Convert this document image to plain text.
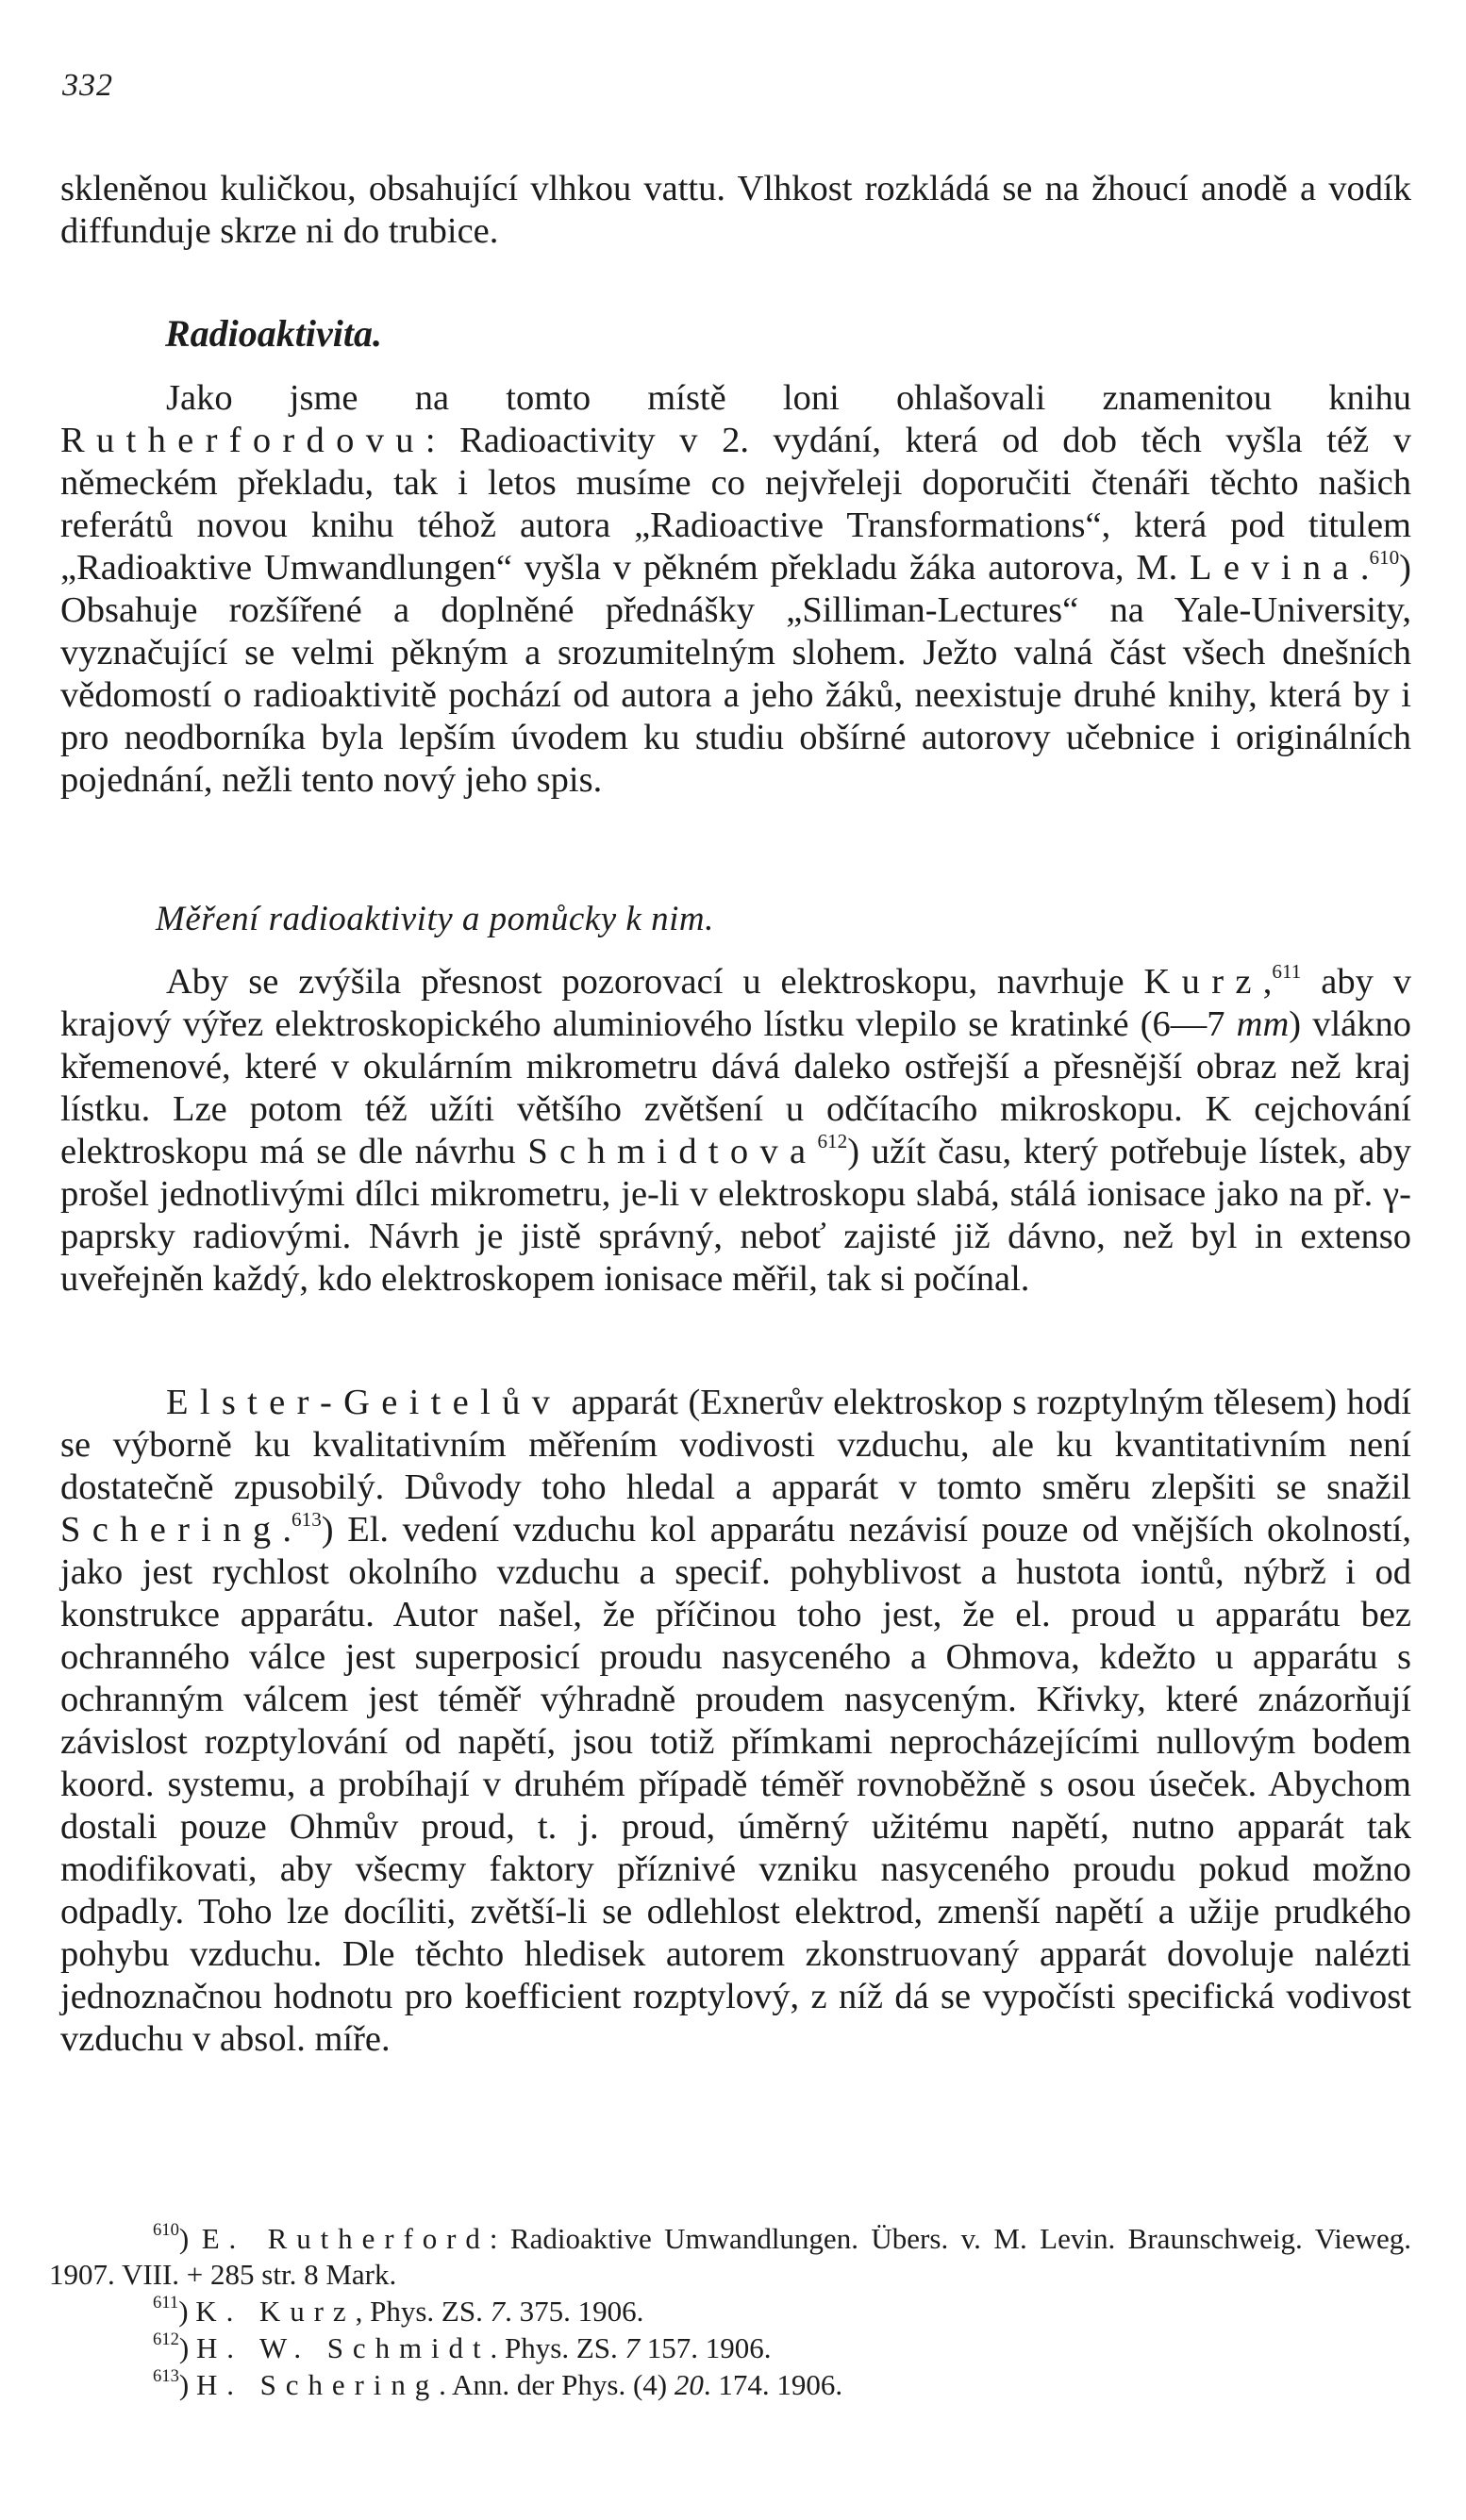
332

skleněnou kuličkou, obsahující vlhkou vattu. Vlhkost rozkládá se na žhoucí anodě a vodík diffunduje skrze ni do trubice.

Radioaktivita.

Jako jsme na tomto místě loni ohlašovali znamenitou knihu Rutherfordovu: Radioactivity v 2. vydání, která od dob těch vyšla též v německém překladu, tak i letos musíme co nejvřeleji doporučiti čtenáři těchto našich referátů novou knihu téhož autora „Radioactive Transformations“, která pod titulem „Radioaktive Umwandlungen“ vyšla v pěkném překladu žáka autorova, M. Levina.$^{610}$) Obsahuje rozšířené a doplněné přednášky „Silliman-Lectures“ na Yale-University, vyznačující se velmi pěkným a srozumitelným slohem. Ježto valná část všech dnešních vědomostí o radioaktivitě pochází od autora a jeho žáků, neexistuje druhé knihy, která by i pro neodborníka byla lepším úvodem ku studiu obšírné autorovy učebnice i originálních pojednání, nežli tento nový jeho spis.

Měření radioaktivity a pomůcky k nim.

Aby se zvýšila přesnost pozorovací u elektroskopu, navrhuje Kurz,$^{611}$ aby v krajový výřez elektroskopického aluminiového lístku vlepilo se kratinké (6—7 mm) vlákno křemenové, které v okulárním mikrometru dává daleko ostřejší a přesnější obraz než kraj lístku. Lze potom též užíti většího zvětšení u odčítacího mikroskopu. K cejchování elektroskopu má se dle návrhu Schmidtova$^{612}$) užít času, který potřebuje lístek, aby prošel jednotlivými dílci mikrometru, je-li v elektroskopu slabá, stálá ionisace jako na př. γ-paprsky radiovými. Návrh je jistě správný, neboť zajisté již dávno, než byl in extenso uveřejněn každý, kdo elektroskopem ionisace měřil, tak si počínal.

Elster-Geitelův apparát (Exnerův elektroskop s rozptylným tělesem) hodí se výborně ku kvalitativním měřením vodivosti vzduchu, ale ku kvantitativním není dostatečně zpusobilý. Důvody toho hledal a apparát v tomto směru zlepšiti se snažil Schering.$^{613}$) El. vedení vzduchu kol apparátu nezávisí pouze od vnějších okolností, jako jest rychlost okolního vzduchu a specif. pohyblivost a hustota iontů, nýbrž i od konstrukce apparátu. Autor našel, že příčinou toho jest, že el. proud u apparátu bez ochranného válce jest superposicí proudu nasyceného a Ohmova, kdežto u apparátu s ochranným válcem jest téměř výhradně proudem nasyceným. Křivky, které znázorňují závislost rozptylování od napětí, jsou totiž přímkami neprocházejícími nullovým bodem koord. systemu, a probíhají v druhém případě téměř rovnoběžně s osou úseček. Abychom dostali pouze Ohmův proud, t. j. proud, úměrný užitému napětí, nutno apparát tak modifikovati, aby všecmy faktory příznivé vzniku nasyceného proudu pokud možno odpadly. Toho lze docíliti, zvětší-li se odlehlost elektrod, zmenší napětí a užije prudkého pohybu vzduchu. Dle těchto hledisek autorem zkonstruovaný apparát dovoluje nalézti jednoznačnou hodnotu pro koefficient rozptylový, z níž dá se vypočísti specifická vodivost vzduchu v absol. míře.

$^{610}$) E. Rutherford: Radioaktive Umwandlungen. Übers. v. M. Levin. Braunschweig. Vieweg. 1907. VIII. + 285 str. 8 Mark.

$^{611}$) K. Kurz, Phys. ZS. 7. 375. 1906.

$^{612}$) H. W. Schmidt. Phys. ZS. 7 157. 1906.

$^{613}$) H. Schering. Ann. der Phys. (4) 20. 174. 1906.
